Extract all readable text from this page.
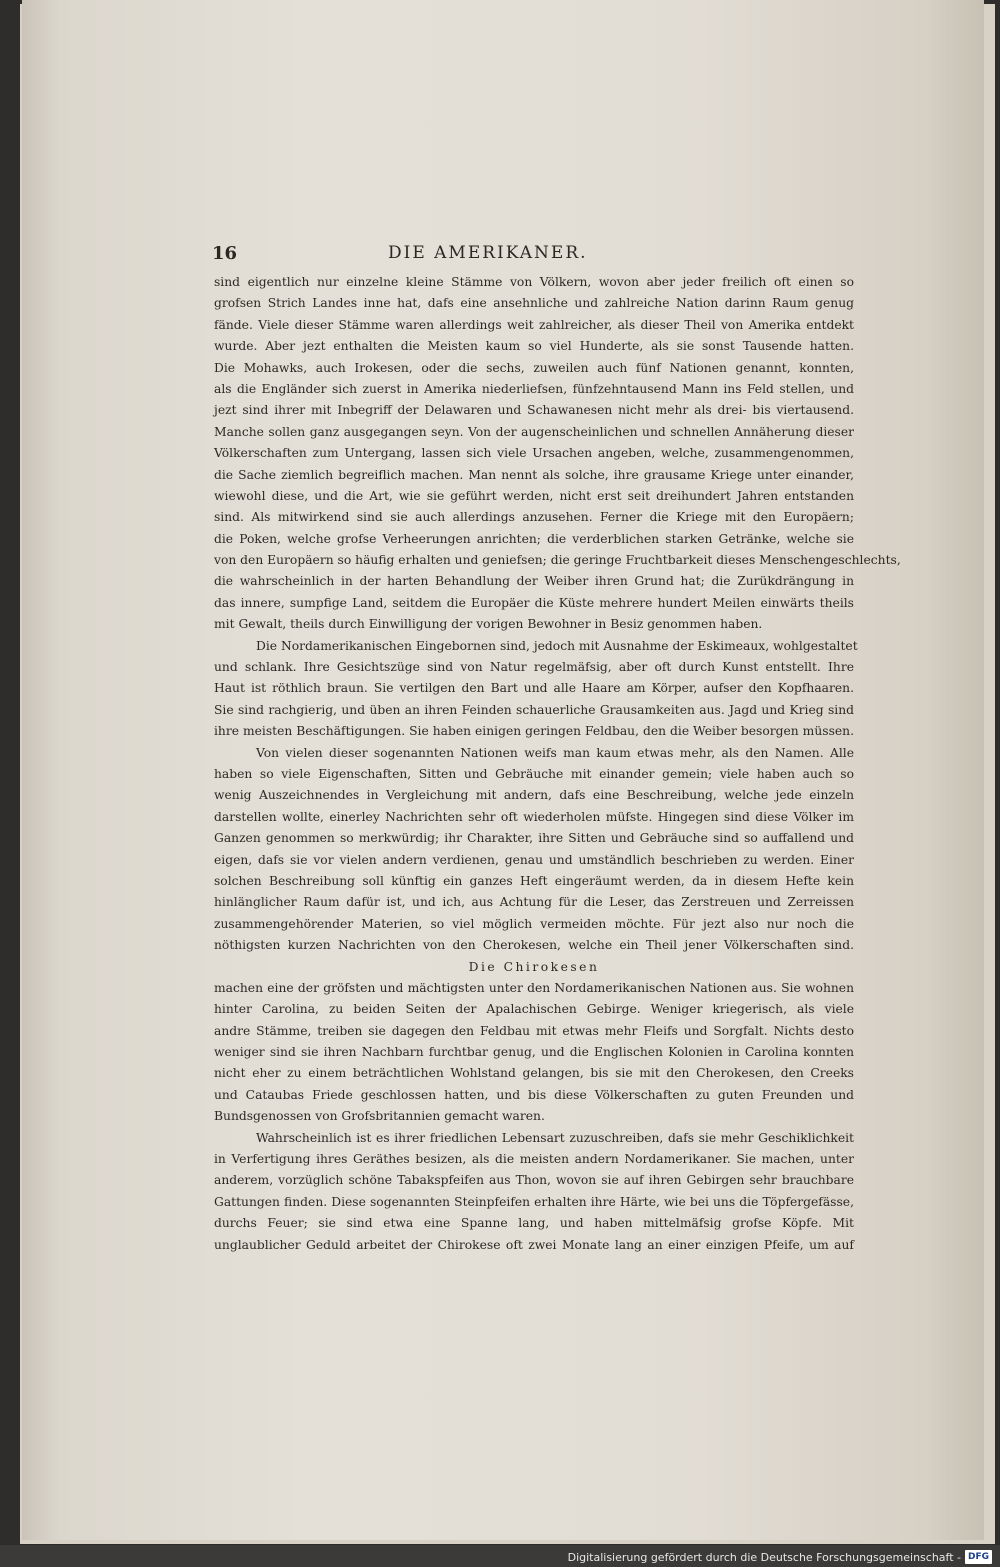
16	DIE AMERIKANER.
sind eigentlich nur einzelne kleine Stämme von Völkern, wovon aber jeder freilich oft einen so
grofsen Strich Landes inne hat, dafs eine ansehnliche und zahlreiche Nation darinn Raum genug
fände. Viele dieser Stämme waren allerdings weit zahlreicher, als dieser Theil von Amerika entdekt
wurde. Aber jezt enthalten die Meisten kaum so viel Hunderte, als sie sonst Tausende hatten.
Die Mohawks, auch Irokesen, oder die sechs, zuweilen auch fünf Nationen genannt, konnten,
als die Engländer sich zuerst in Amerika niederliefsen, fünfzehntausend Mann ins Feld stellen, und
jezt sind ihrer mit Inbegriff der Delawaren und Schawanesen nicht mehr als drei- bis viertausend.
Manche sollen ganz ausgegangen seyn. Von der augenscheinlichen und schnellen Annäherung dieser
Völkerschaften zum Untergang, lassen sich viele Ursachen angeben, welche, zusammengenommen,
die Sache ziemlich begreiflich machen. Man nennt als solche, ihre grausame Kriege unter einander,
wiewohl diese, und die Art, wie sie geführt werden, nicht erst seit dreihundert Jahren entstanden
sind. Als mitwirkend sind sie auch allerdings anzusehen. Ferner die Kriege mit den Europäern;
die Poken, welche grofse Verheerungen anrichten; die verderblichen starken Getränke, welche sie
von den Europäern so häufig erhalten und geniefsen; die geringe Fruchtbarkeit dieses Menschengeschlechts,
die wahrscheinlich in der harten Behandlung der Weiber ihren Grund hat; die Zurükdrängung in
das innere, sumpfige Land, seitdem die Europäer die Küste mehrere hundert Meilen einwärts theils
mit Gewalt, theils durch Einwilligung der vorigen Bewohner in Besiz genommen haben.
Die Nordamerikanischen Eingebornen sind, jedoch mit Ausnahme der Eskimeaux, wohlgestaltet
und schlank. Ihre Gesichtszüge sind von Natur regelmäfsig, aber oft durch Kunst entstellt. Ihre
Haut ist röthlich braun. Sie vertilgen den Bart und alle Haare am Körper, aufser den Kopfhaaren.
Sie sind rachgierig, und üben an ihren Feinden schauerliche Grausamkeiten aus. Jagd und Krieg sind
ihre meisten Beschäftigungen. Sie haben einigen geringen Feldbau, den die Weiber besorgen müssen.
Von vielen dieser sogenannten Nationen weifs man kaum etwas mehr, als den Namen. Alle
haben so viele Eigenschaften, Sitten und Gebräuche mit einander gemein; viele haben auch so
wenig Auszeichnendes in Vergleichung mit andern, dafs eine Beschreibung, welche jede einzeln
darstellen wollte, einerley Nachrichten sehr oft wiederholen müfste. Hingegen sind diese Völker im
Ganzen genommen so merkwürdig; ihr Charakter, ihre Sitten und Gebräuche sind so auffallend und
eigen, dafs sie vor vielen andern verdienen, genau und umständlich beschrieben zu werden. Einer
solchen Beschreibung soll künftig ein ganzes Heft eingeräumt werden, da in diesem Hefte kein
hinlänglicher Raum dafür ist, und ich, aus Achtung für die Leser, das Zerstreuen und Zerreissen
zusammengehörender Materien, so viel möglich vermeiden möchte. Für jezt also nur noch die
nöthigsten kurzen Nachrichten von den Cherokesen, welche ein Theil jener Völkerschaften sind.
Die Chirokesen
machen eine der gröfsten und mächtigsten unter den Nordamerikanischen Nationen aus. Sie wohnen
hinter Carolina, zu beiden Seiten der Apalachischen Gebirge. Weniger kriegerisch, als viele
andre Stämme, treiben sie dagegen den Feldbau mit etwas mehr Fleifs und Sorgfalt. Nichts desto
weniger sind sie ihren Nachbarn furchtbar genug, und die Englischen Kolonien in Carolina konnten
nicht eher zu einem beträchtlichen Wohlstand gelangen, bis sie mit den Cherokesen, den Creeks
und Cataubas Friede geschlossen hatten, und bis diese Völkerschaften zu guten Freunden und
Bundsgenossen von Grofsbritannien gemacht waren.
Wahrscheinlich ist es ihrer friedlichen Lebensart zuzuschreiben, dafs sie mehr Geschiklichkeit
in Verfertigung ihres Geräthes besizen, als die meisten andern Nordamerikaner. Sie machen, unter
anderem, vorzüglich schöne Tabakspfeifen aus Thon, wovon sie auf ihren Gebirgen sehr brauchbare
Gattungen finden. Diese sogenannten Steinpfeifen erhalten ihre Härte, wie bei uns die Töpfergefässe,
durchs Feuer; sie sind etwa eine Spanne lang, und haben mittelmäfsig grofse Köpfe. Mit
unglaublicher Geduld arbeitet der Chirokese oft zwei Monate lang an einer einzigen Pfeife, um auf
Digitalisierung gefördert durch die Deutsche Forschungsgemeinschaft - DFG
